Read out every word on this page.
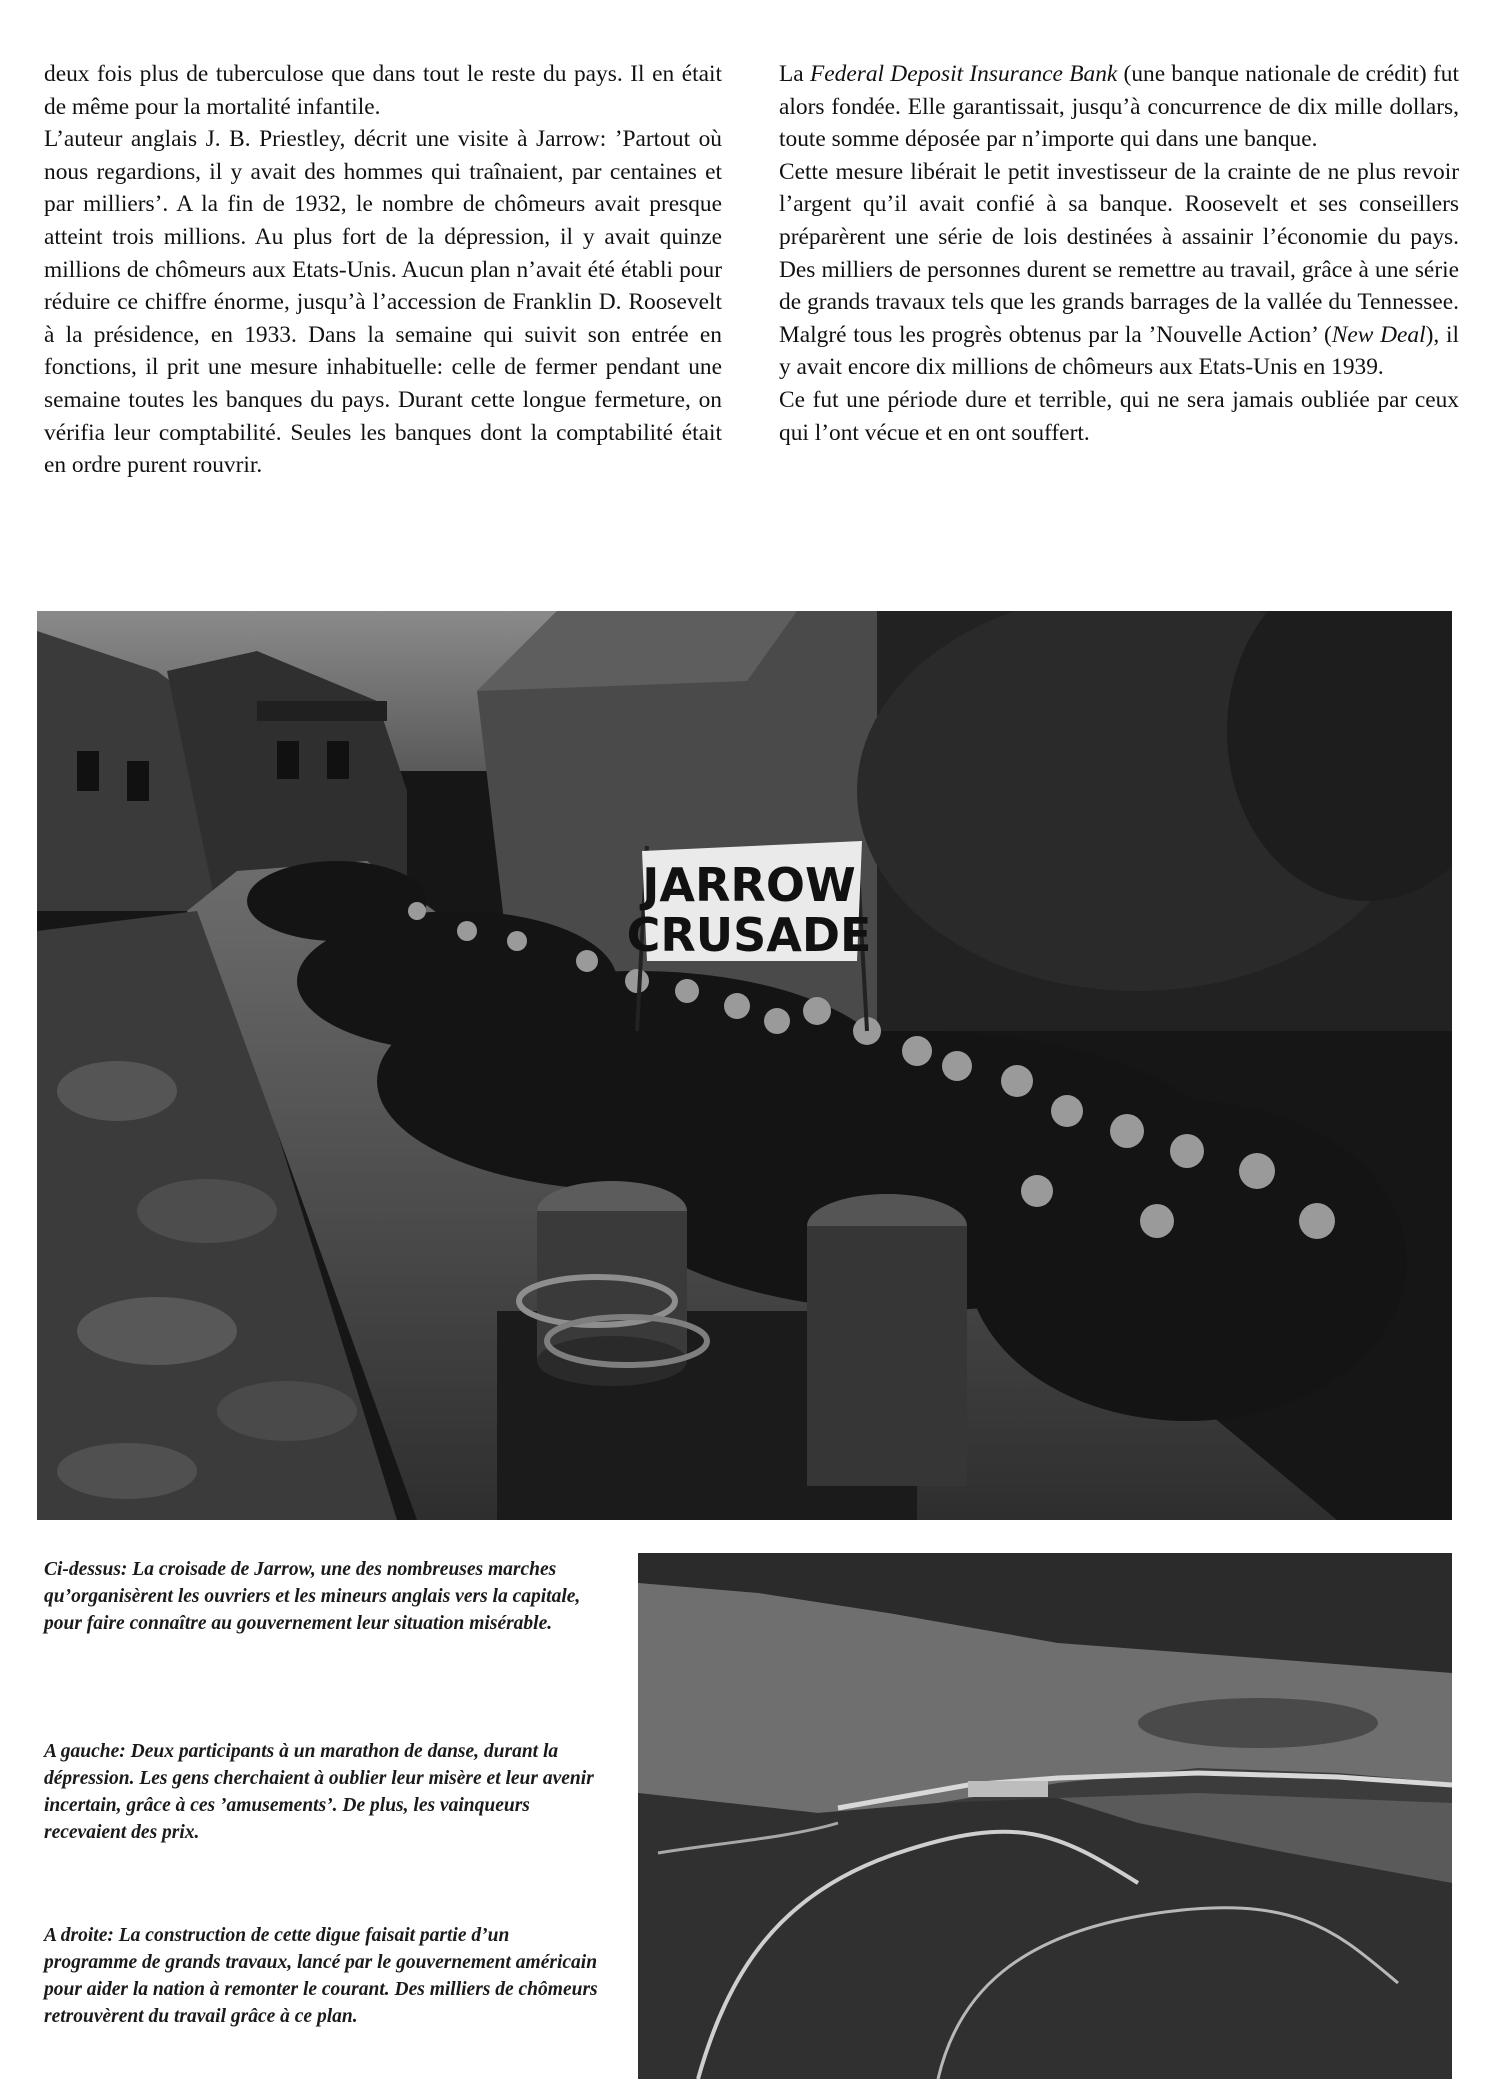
deux fois plus de tuberculose que dans tout le reste du pays. Il en était de même pour la mortalité infantile.

L’auteur anglais J. B. Priestley, décrit une visite à Jarrow: ’Partout où nous regardions, il y avait des hommes qui traînaient, par centaines et par milliers’. A la fin de 1932, le nombre de chômeurs avait presque atteint trois millions. Au plus fort de la dépression, il y avait quinze millions de chômeurs aux Etats-Unis. Aucun plan n’avait été établi pour réduire ce chiffre énorme, jusqu’à l’accession de Franklin D. Roosevelt à la présidence, en 1933. Dans la semaine qui suivit son entrée en fonctions, il prit une mesure inhabituelle: celle de fermer pendant une semaine toutes les banques du pays. Durant cette longue fermeture, on vérifia leur comptabilité. Seules les banques dont la comptabilité était en ordre purent rouvrir.

La Federal Deposit Insurance Bank (une banque nationale de crédit) fut alors fondée. Elle garantissait, jusqu’à concurrence de dix mille dollars, toute somme déposée par n’importe qui dans une banque.

Cette mesure libérait le petit investisseur de la crainte de ne plus revoir l’argent qu’il avait confié à sa banque. Roosevelt et ses conseillers préparèrent une série de lois destinées à assainir l’économie du pays. Des milliers de personnes durent se remettre au travail, grâce à une série de grands travaux tels que les grands barrages de la vallée du Tennessee. Malgré tous les progrès obtenus par la ’Nouvelle Action’ (New Deal), il y avait encore dix millions de chômeurs aux Etats-Unis en 1939.

Ce fut une période dure et terrible, qui ne sera jamais oubliée par ceux qui l’ont vécue et en ont souffert.

JARROW
CRUSADE
Ci-dessus: La croisade de Jarrow, une des nombreuses marches qu’organisèrent les ouvriers et les mineurs anglais vers la capitale, pour faire connaître au gouvernement leur situation misérable.
A gauche: Deux participants à un marathon de danse, durant la dépression. Les gens cherchaient à oublier leur misère et leur avenir incertain, grâce à ces ’amusements’. De plus, les vainqueurs recevaient des prix.
A droite: La construction de cette digue faisait partie d’un programme de grands travaux, lancé par le gouvernement américain pour aider la nation à remonter le courant. Des milliers de chômeurs retrouvèrent du travail grâce à ce plan.
